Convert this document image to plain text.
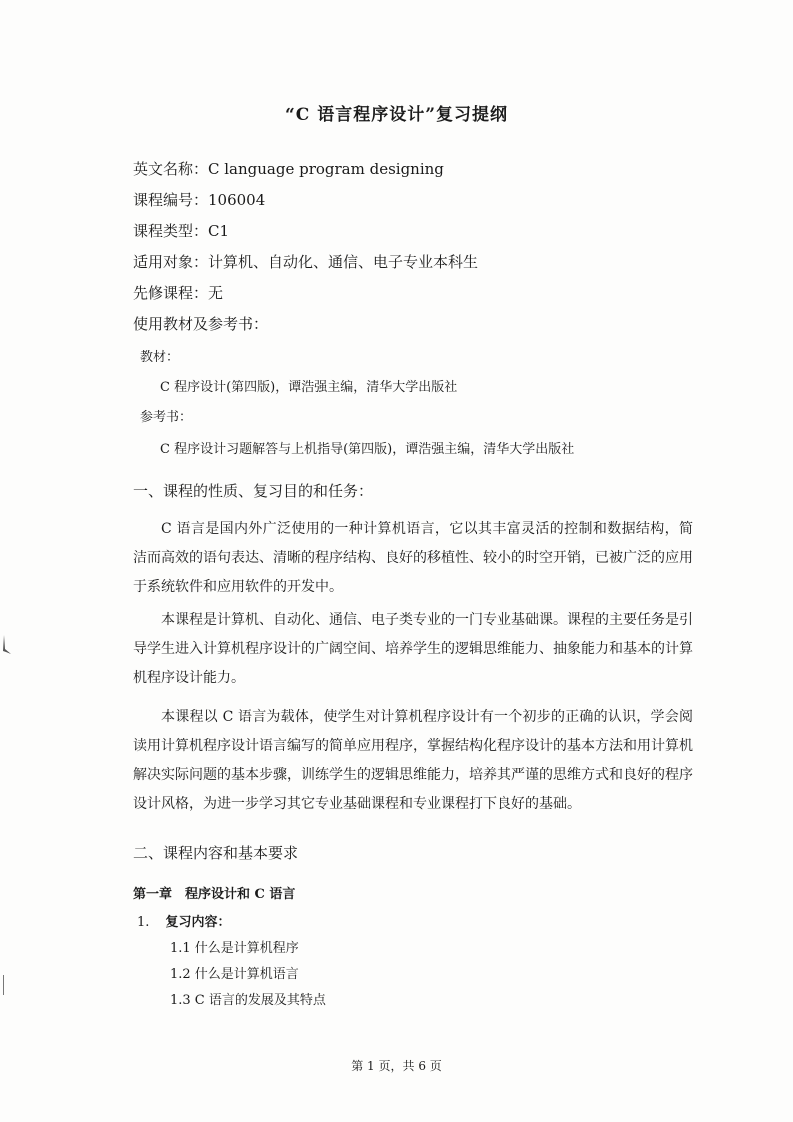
“C 语言程序设计”复习提纲
英文名称：C language program designing
课程编号：106004
课程类型：C1
适用对象：计算机、自动化、通信、电子专业本科生
先修课程：无
使用教材及参考书：
教材：
C 程序设计(第四版)，谭浩强主编，清华大学出版社
参考书：
C 程序设计习题解答与上机指导(第四版)，谭浩强主编，清华大学出版社
一、课程的性质、复习目的和任务：

C 语言是国内外广泛使用的一种计算机语言，它以其丰富灵活的控制和数据结构，简洁而高效的语句表达、清晰的程序结构、良好的移植性、较小的时空开销，已被广泛的应用于系统软件和应用软件的开发中。

本课程是计算机、自动化、通信、电子类专业的一门专业基础课。课程的主要任务是引导学生进入计算机程序设计的广阔空间、培养学生的逻辑思维能力、抽象能力和基本的计算机程序设计能力。

本课程以 C 语言为载体，使学生对计算机程序设计有一个初步的正确的认识，学会阅读用计算机程序设计语言编写的简单应用程序，掌握结构化程序设计的基本方法和用计算机解决实际问题的基本步骤，训练学生的逻辑思维能力，培养其严谨的思维方式和良好的程序设计风格，为进一步学习其它专业基础课程和专业课程打下良好的基础。

二、课程内容和基本要求
第一章　程序设计和 C 语言
1. 复习内容：
1.1 什么是计算机程序
1.2 什么是计算机语言
1.3 C 语言的发展及其特点
第 1 页，共 6 页
